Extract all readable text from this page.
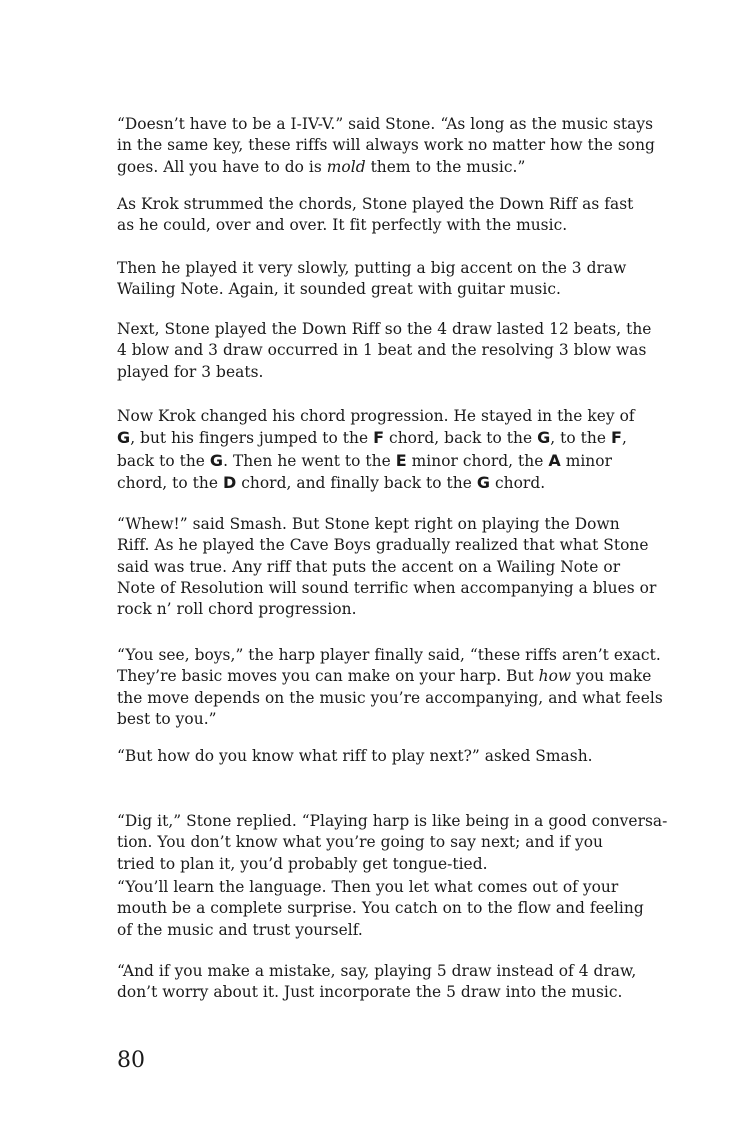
“Doesn’t have to be a I-IV-V.” said Stone. “As long as the music stays
in the same key, these riffs will always work no matter how the song
goes. All you have to do is mold them to the music.”

As Krok strummed the chords, Stone played the Down Riff as fast
as he could, over and over. It fit perfectly with the music.

Then he played it very slowly, putting a big accent on the 3 draw
Wailing Note. Again, it sounded great with guitar music.

Next, Stone played the Down Riff so the 4 draw lasted 12 beats, the
4 blow and 3 draw occurred in 1 beat and the resolving 3 blow was
played for 3 beats.

Now Krok changed his chord progression. He stayed in the key of
G, but his fingers jumped to the F chord, back to the G, to the F,
back to the G. Then he went to the E minor chord, the A minor
chord, to the D chord, and finally back to the G chord.

“Whew!” said Smash. But Stone kept right on playing the Down
Riff. As he played the Cave Boys gradually realized that what Stone
said was true. Any riff that puts the accent on a Wailing Note or
Note of Resolution will sound terrific when accompanying a blues or
rock n’ roll chord progression.

“You see, boys,” the harp player finally said, “these riffs aren’t exact.
They’re basic moves you can make on your harp. But how you make
the move depends on the music you’re accompanying, and what feels
best to you.”

“But how do you know what riff to play next?” asked Smash.

“Dig it,” Stone replied. “Playing harp is like being in a good conversa-
tion. You don’t know what you’re going to say next; and if you
tried to plan it, you’d probably get tongue-tied.

“You’ll learn the language. Then you let what comes out of your
mouth be a complete surprise. You catch on to the flow and feeling
of the music and trust yourself.

“And if you make a mistake, say, playing 5 draw instead of 4 draw,
don’t worry about it. Just incorporate the 5 draw into the music.

80
